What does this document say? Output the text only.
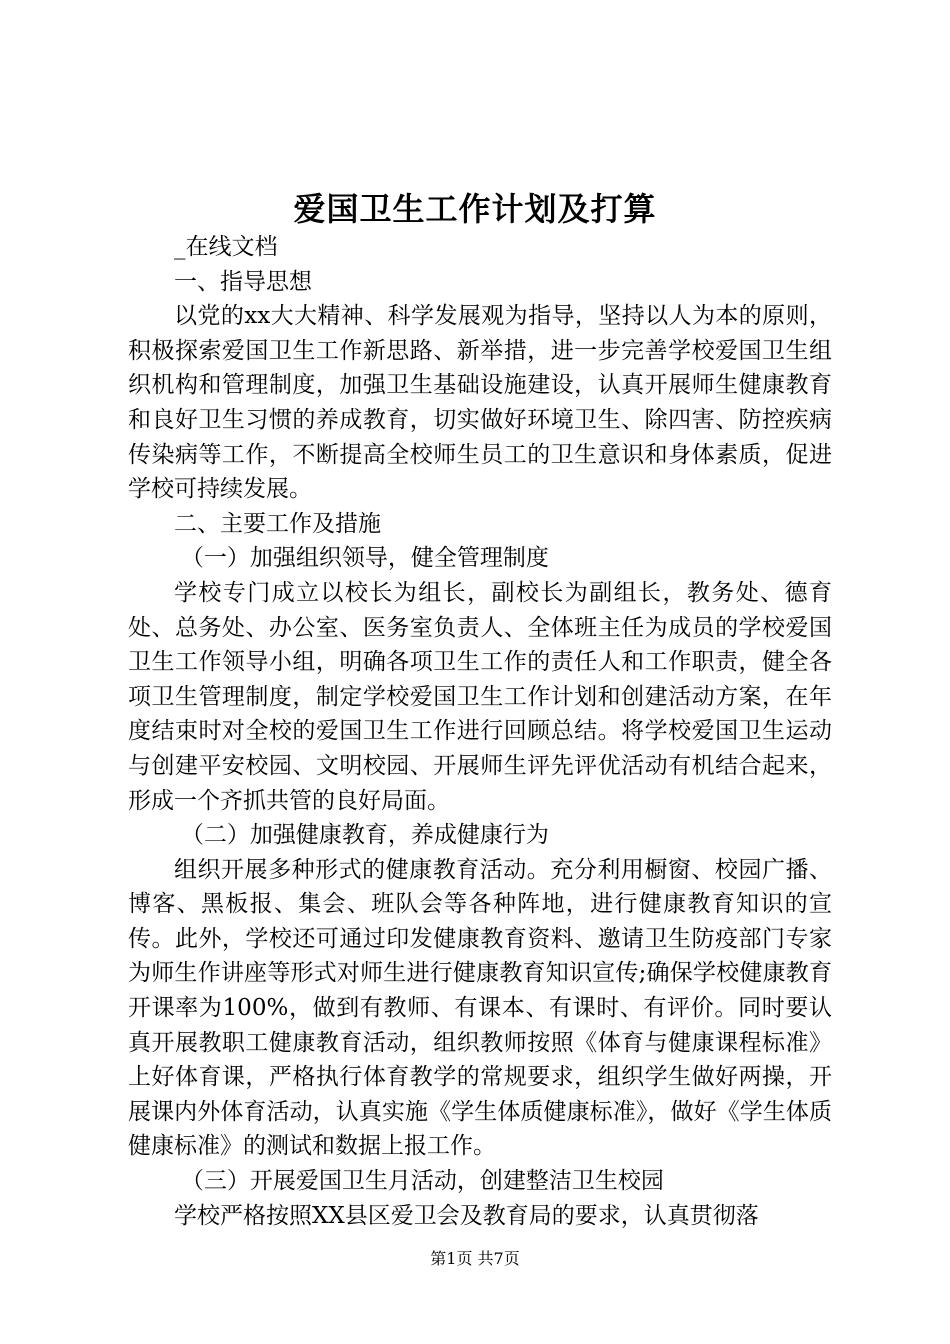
爱国卫生工作计划及打算

_在线文档

一、指导思想

以党的xx大大精神、科学发展观为指导，坚持以人为本的原则，积极探索爱国卫生工作新思路、新举措，进一步完善学校爱国卫生组织机构和管理制度，加强卫生基础设施建设，认真开展师生健康教育和良好卫生习惯的养成教育，切实做好环境卫生、除四害、防控疾病传染病等工作，不断提高全校师生员工的卫生意识和身体素质，促进学校可持续发展。

二、主要工作及措施

（一）加强组织领导，健全管理制度

学校专门成立以校长为组长，副校长为副组长，教务处、德育处、总务处、办公室、医务室负责人、全体班主任为成员的学校爱国卫生工作领导小组，明确各项卫生工作的责任人和工作职责，健全各项卫生管理制度，制定学校爱国卫生工作计划和创建活动方案，在年度结束时对全校的爱国卫生工作进行回顾总结。将学校爱国卫生运动与创建平安校园、文明校园、开展师生评先评优活动有机结合起来，形成一个齐抓共管的良好局面。

（二）加强健康教育，养成健康行为

组织开展多种形式的健康教育活动。充分利用橱窗、校园广播、博客、黑板报、集会、班队会等各种阵地，进行健康教育知识的宣传。此外，学校还可通过印发健康教育资料、邀请卫生防疫部门专家为师生作讲座等形式对师生进行健康教育知识宣传;确保学校健康教育开课率为100%，做到有教师、有课本、有课时、有评价。同时要认真开展教职工健康教育活动，组织教师按照《体育与健康课程标准》上好体育课，严格执行体育教学的常规要求，组织学生做好两操，开展课内外体育活动，认真实施《学生体质健康标准》，做好《学生体质健康标准》的测试和数据上报工作。

（三）开展爱国卫生月活动，创建整洁卫生校园

学校严格按照XX县区爱卫会及教育局的要求，认真贯彻落

第1页 共7页
